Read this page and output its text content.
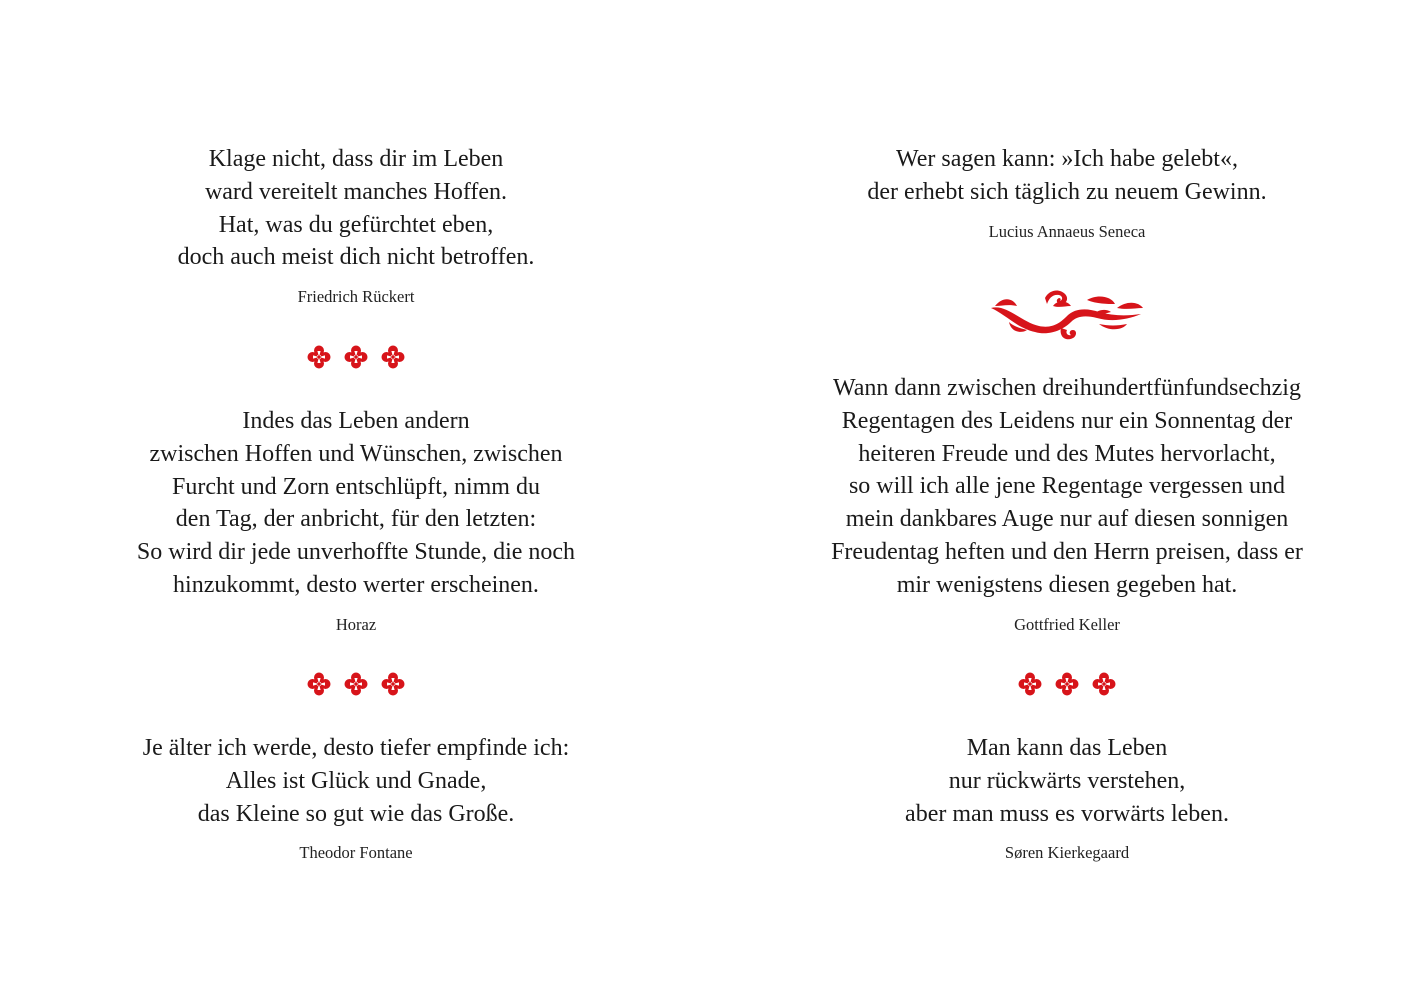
Klage nicht, dass dir im Leben
ward vereitelt manches Hoffen.
Hat, was du gefürchtet eben,
doch auch meist dich nicht betroffen.

Friedrich Rückert

Indes das Leben andern
zwischen Hoffen und Wünschen, zwischen
Furcht und Zorn entschlüpft, nimm du
den Tag, der anbricht, für den letzten:
So wird dir jede unverhoffte Stunde, die noch
hinzukommt, desto werter erscheinen.

Horaz

Je älter ich werde, desto tiefer empfinde ich:
Alles ist Glück und Gnade,
das Kleine so gut wie das Große.

Theodor Fontane

Wer sagen kann: »Ich habe gelebt«,
der erhebt sich täglich zu neuem Gewinn.

Lucius Annaeus Seneca

Wann dann zwischen dreihundertfünfundsechzig
Regentagen des Leidens nur ein Sonnentag der
heiteren Freude und des Mutes hervorlacht,
so will ich alle jene Regentage vergessen und
mein dankbares Auge nur auf diesen sonnigen
Freudentag heften und den Herrn preisen, dass er
mir wenigstens diesen gegeben hat.

Gottfried Keller

Man kann das Leben
nur rückwärts verstehen,
aber man muss es vorwärts leben.

Søren Kierkegaard
